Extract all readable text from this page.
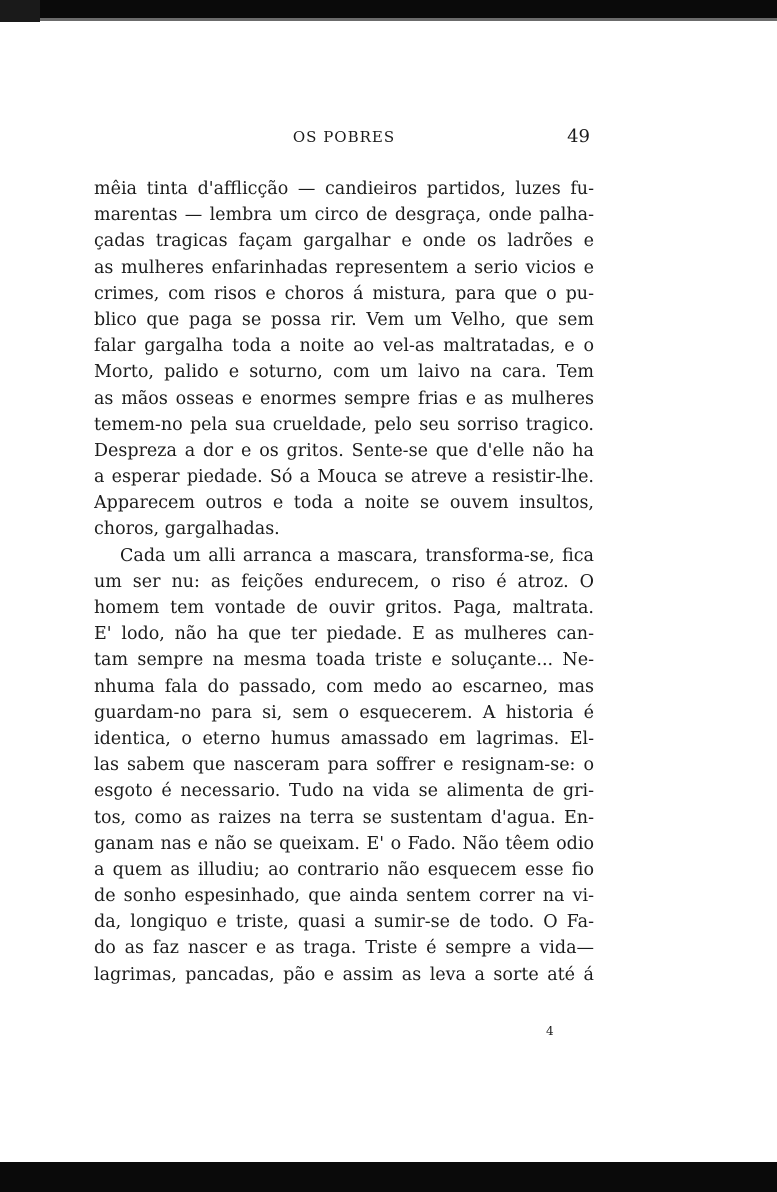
OS POBRES	49
mêia tinta d'afflicção — candieiros partidos, luzes fu-
marentas — lembra um circo de desgraça, onde palha-
çadas tragicas façam gargalhar e onde os ladrões e
as mulheres enfarinhadas representem a serio vicios e
crimes, com risos e choros á mistura, para que o pu-
blico que paga se possa rir. Vem um Velho, que sem
falar gargalha toda a noite ao vel-as maltratadas, e o
Morto, palido e soturno, com um laivo na cara. Tem
as mãos osseas e enormes sempre frias e as mulheres
temem-no pela sua crueldade, pelo seu sorriso tragico.
Despreza a dor e os gritos. Sente-se que d'elle não ha
a esperar piedade. Só a Mouca se atreve a resistir-lhe.
Apparecem outros e toda a noite se ouvem insultos,
choros, gargalhadas.
Cada um alli arranca a mascara, transforma-se, fica
um ser nu: as feições endurecem, o riso é atroz. O
homem tem vontade de ouvir gritos. Paga, maltrata.
E' lodo, não ha que ter piedade. E as mulheres can-
tam sempre na mesma toada triste e soluçante... Ne-
nhuma fala do passado, com medo ao escarneo, mas
guardam-no para si, sem o esquecerem. A historia é
identica, o eterno humus amassado em lagrimas. El-
las sabem que nasceram para soffrer e resignam-se: o
esgoto é necessario. Tudo na vida se alimenta de gri-
tos, como as raizes na terra se sustentam d'agua. En-
ganam nas e não se queixam. E' o Fado. Não têem odio
a quem as illudiu; ao contrario não esquecem esse fio
de sonho espesinhado, que ainda sentem correr na vi-
da, longiquo e triste, quasi a sumir-se de todo. O Fa-
do as faz nascer e as traga. Triste é sempre a vida—
lagrimas, pancadas, pão e assim as leva a sorte até á
4
